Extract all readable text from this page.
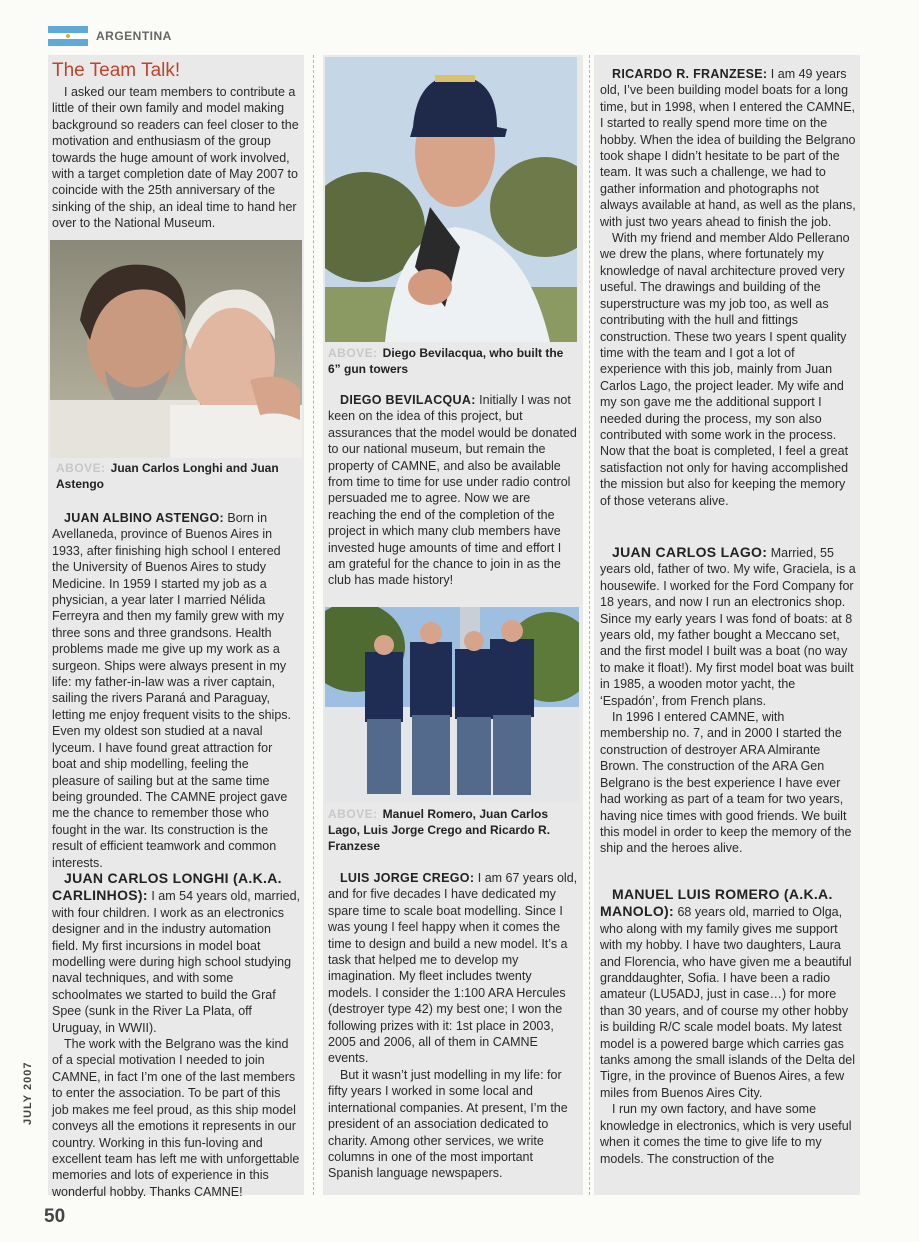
ARGENTINA
The Team Talk!

I asked our team members to contribute a little of their own family and model making background so readers can feel closer to the motivation and enthusiasm of the group towards the huge amount of work involved, with a target completion date of May 2007 to coincide with the 25th anniversary of the sinking of the ship, an ideal time to hand her over to the National Museum.

ABOVE: Juan Carlos Longhi and Juan Astengo

JUAN ALBINO ASTENGO: Born in Avellaneda, province of Buenos Aires in 1933, after finishing high school I entered the University of Buenos Aires to study Medicine. In 1959 I started my job as a physician, a year later I married Nélida Ferreyra and then my family grew with my three sons and three grandsons. Health problems made me give up my work as a surgeon. Ships were always present in my life: my father-in-law was a river captain, sailing the rivers Paraná and Paraguay, letting me enjoy frequent visits to the ships. Even my oldest son studied at a naval lyceum. I have found great attraction for boat and ship modelling, feeling the pleasure of sailing but at the same time being grounded. The CAMNE project gave me the chance to remember those who fought in the war. Its construction is the result of efficient teamwork and common interests.

JUAN CARLOS LONGHI (A.K.A. CARLINHOS): I am 54 years old, married, with four children. I work as an electronics designer and in the industry automation field. My first incursions in model boat modelling were during high school studying naval techniques, and with some schoolmates we started to build the Graf Spee (sunk in the River La Plata, off Uruguay, in WWII).

The work with the Belgrano was the kind of a special motivation I needed to join CAMNE, in fact I’m one of the last members to enter the association. To be part of this job makes me feel proud, as this ship model conveys all the emotions it represents in our country. Working in this fun-loving and excellent team has left me with unforgettable memories and lots of experience in this wonderful hobby. Thanks CAMNE!

ABOVE: Diego Bevilacqua, who built the 6” gun towers

DIEGO BEVILACQUA: Initially I was not keen on the idea of this project, but assurances that the model would be donated to our national museum, but remain the property of CAMNE, and also be available from time to time for use under radio control persuaded me to agree. Now we are reaching the end of the completion of the project in which many club members have invested huge amounts of time and effort I am grateful for the chance to join in as the club has made history!

ABOVE: Manuel Romero, Juan Carlos Lago, Luis Jorge Crego and Ricardo R. Franzese

LUIS JORGE CREGO: I am 67 years old, and for five decades I have dedicated my spare time to scale boat modelling. Since I was young I feel happy when it comes the time to design and build a new model. It’s a task that helped me to develop my imagination. My fleet includes twenty models. I consider the 1:100 ARA Hercules (destroyer type 42) my best one; I won the following prizes with it: 1st place in 2003, 2005 and 2006, all of them in CAMNE events.

But it wasn’t just modelling in my life: for fifty years I worked in some local and international companies. At present, I’m the president of an association dedicated to charity. Among other services, we write columns in one of the most important Spanish language newspapers.

RICARDO R. FRANZESE: I am 49 years old, I’ve been building model boats for a long time, but in 1998, when I entered the CAMNE, I started to really spend more time on the hobby. When the idea of building the Belgrano took shape I didn’t hesitate to be part of the team. It was such a challenge, we had to gather information and photographs not always available at hand, as well as the plans, with just two years ahead to finish the job.

With my friend and member Aldo Pellerano we drew the plans, where fortunately my knowledge of naval architecture proved very useful. The drawings and building of the superstructure was my job too, as well as contributing with the hull and fittings construction. These two years I spent quality time with the team and I got a lot of experience with this job, mainly from Juan Carlos Lago, the project leader. My wife and my son gave me the additional support I needed during the process, my son also contributed with some work in the process. Now that the boat is completed, I feel a great satisfaction not only for having accomplished the mission but also for keeping the memory of those veterans alive.

JUAN CARLOS LAGO: Married, 55 years old, father of two. My wife, Graciela, is a housewife. I worked for the Ford Company for 18 years, and now I run an electronics shop. Since my early years I was fond of boats: at 8 years old, my father bought a Meccano set, and the first model I built was a boat (no way to make it float!). My first model boat was built in 1985, a wooden motor yacht, the ‘Espadón’, from French plans.

In 1996 I entered CAMNE, with membership no. 7, and in 2000 I started the construction of destroyer ARA Almirante Brown. The construction of the ARA Gen Belgrano is the best experience I have ever had working as part of a team for two years, having nice times with good friends. We built this model in order to keep the memory of the ship and the heroes alive.

MANUEL LUIS ROMERO (A.K.A. MANOLO): 68 years old, married to Olga, who along with my family gives me support with my hobby. I have two daughters, Laura and Florencia, who have given me a beautiful granddaughter, Sofia. I have been a radio amateur (LU5ADJ, just in case…) for more than 30 years, and of course my other hobby is building R/C scale model boats. My latest model is a powered barge which carries gas tanks among the small islands of the Delta del Tigre, in the province of Buenos Aires, a few miles from Buenos Aires City.

I run my own factory, and have some knowledge in electronics, which is very useful when it comes the time to give life to my models. The construction of the

JULY 2007
50
